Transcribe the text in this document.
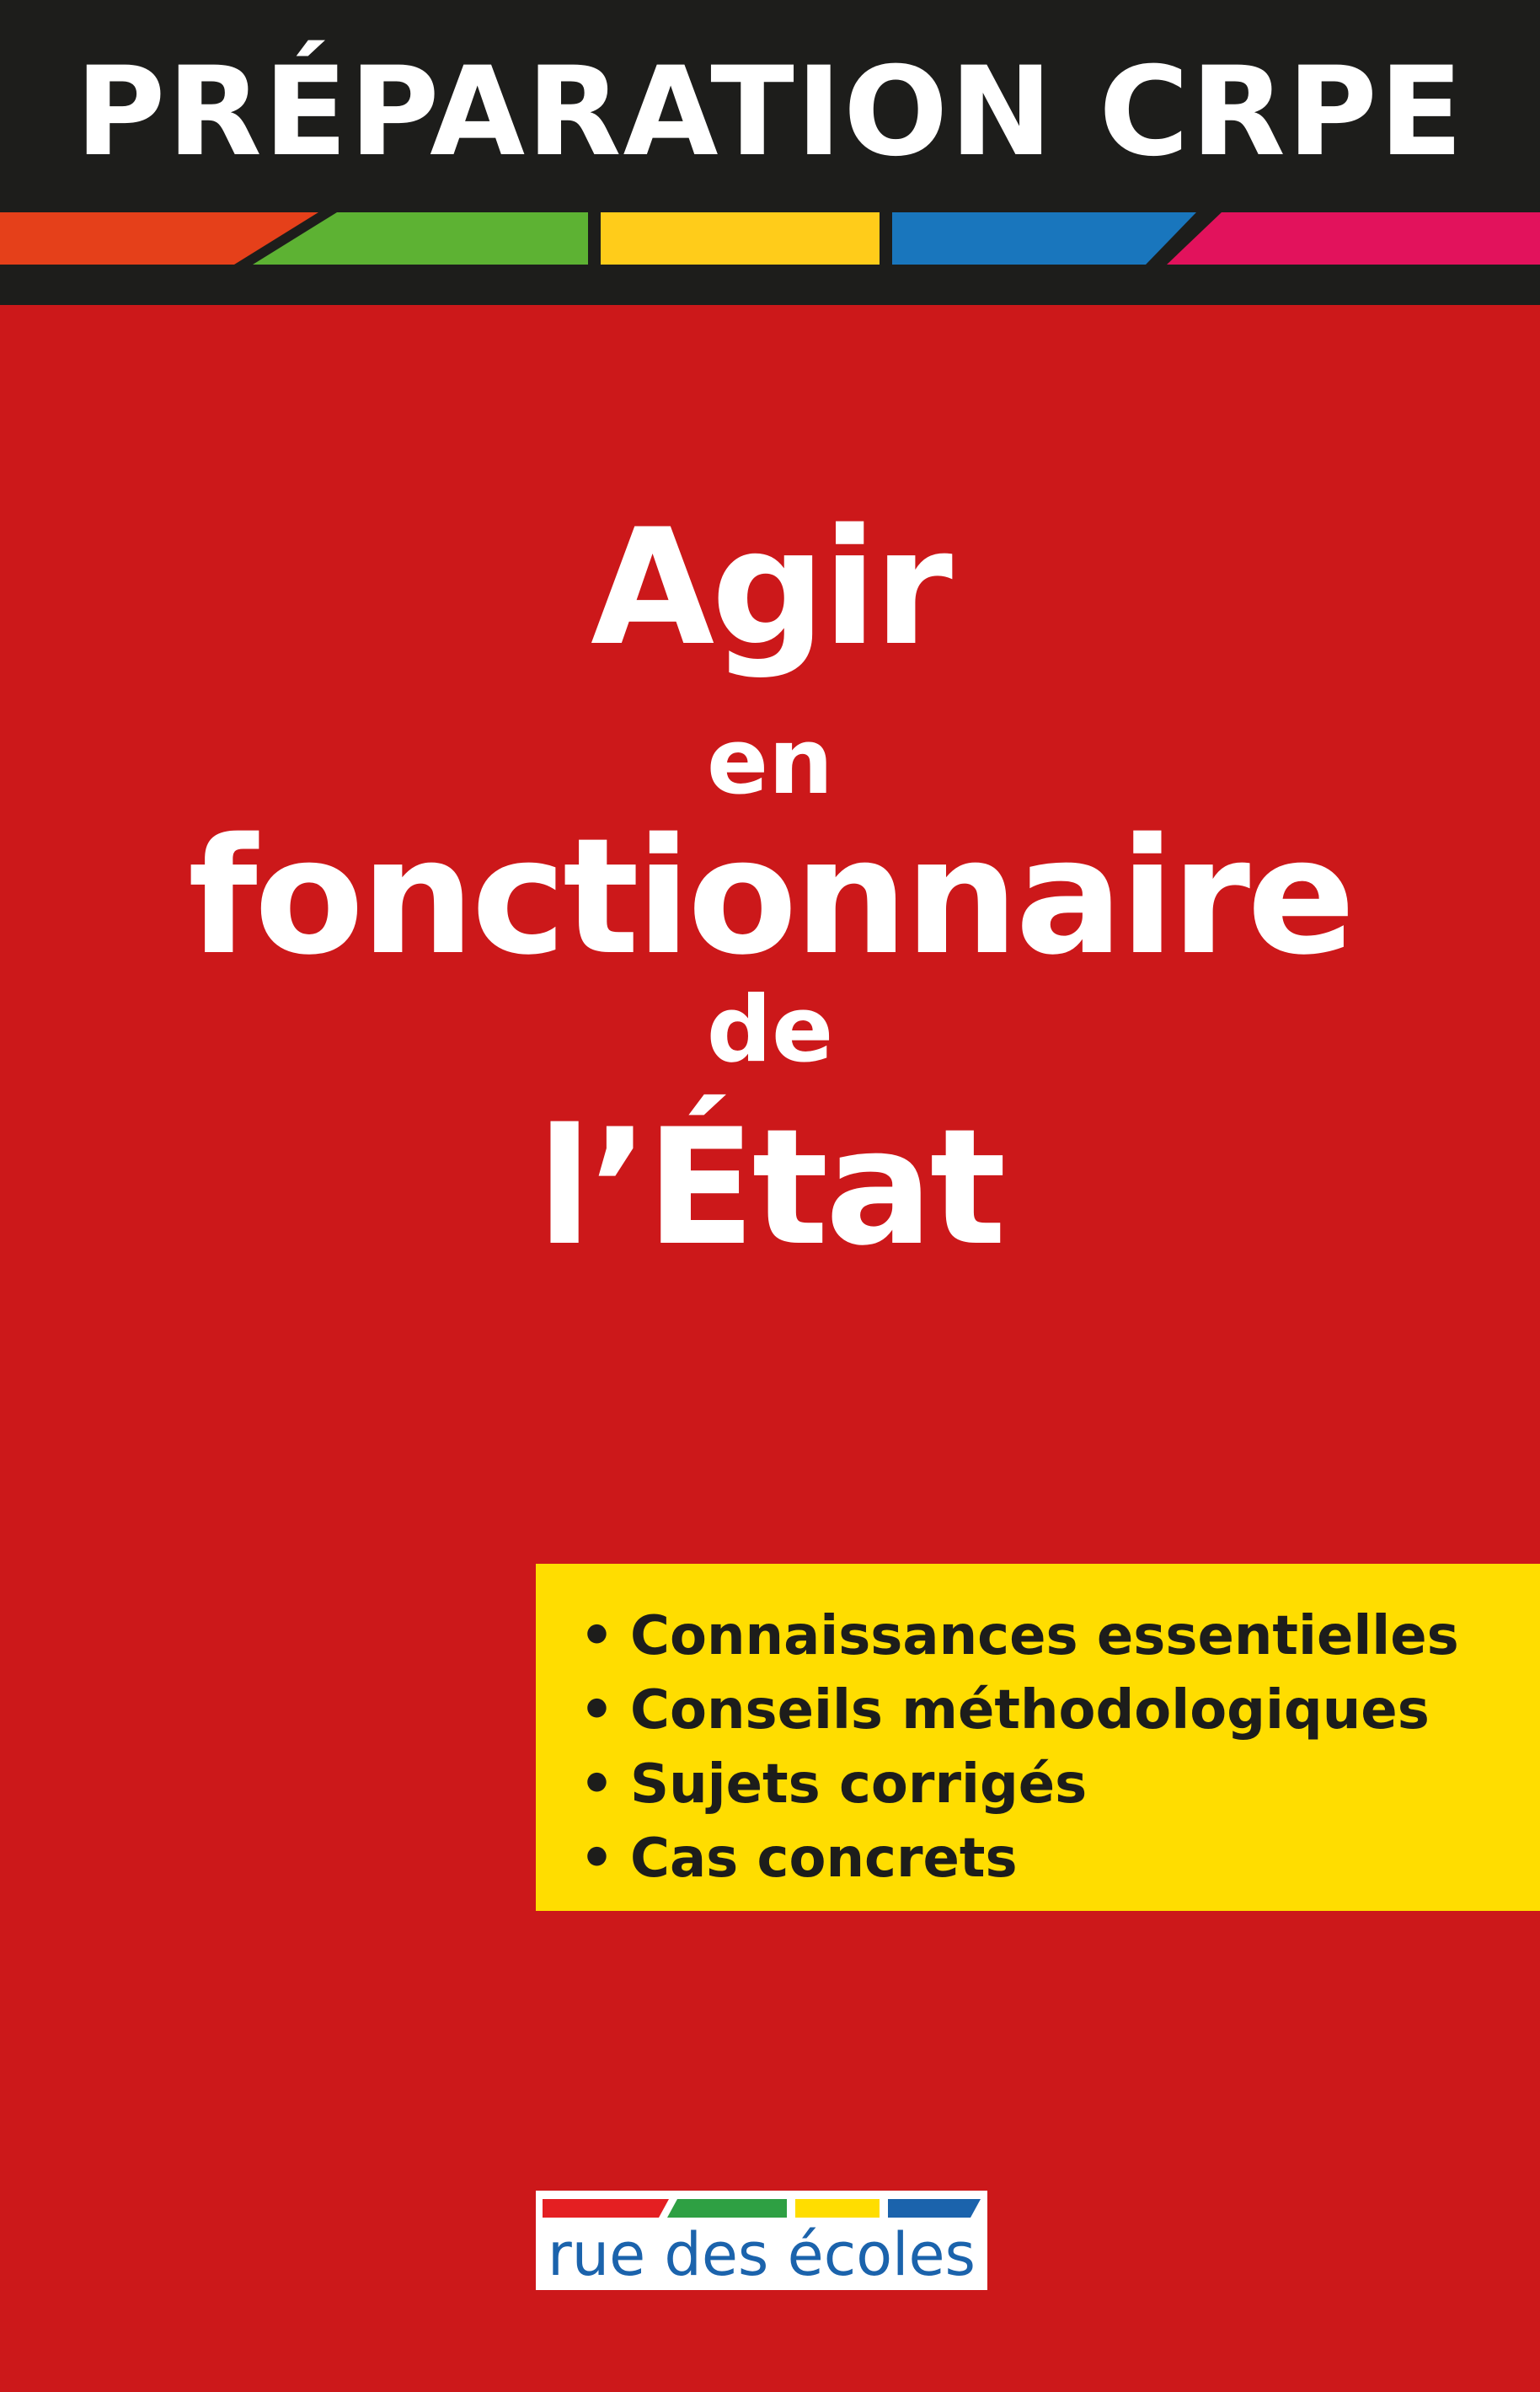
PRÉPARATION CRPE
Agir
en
fonctionnaire
de
l’État
• Connaissances essentielles
• Conseils méthodologiques
• Sujets corrigés
• Cas concrets
rue des écoles
